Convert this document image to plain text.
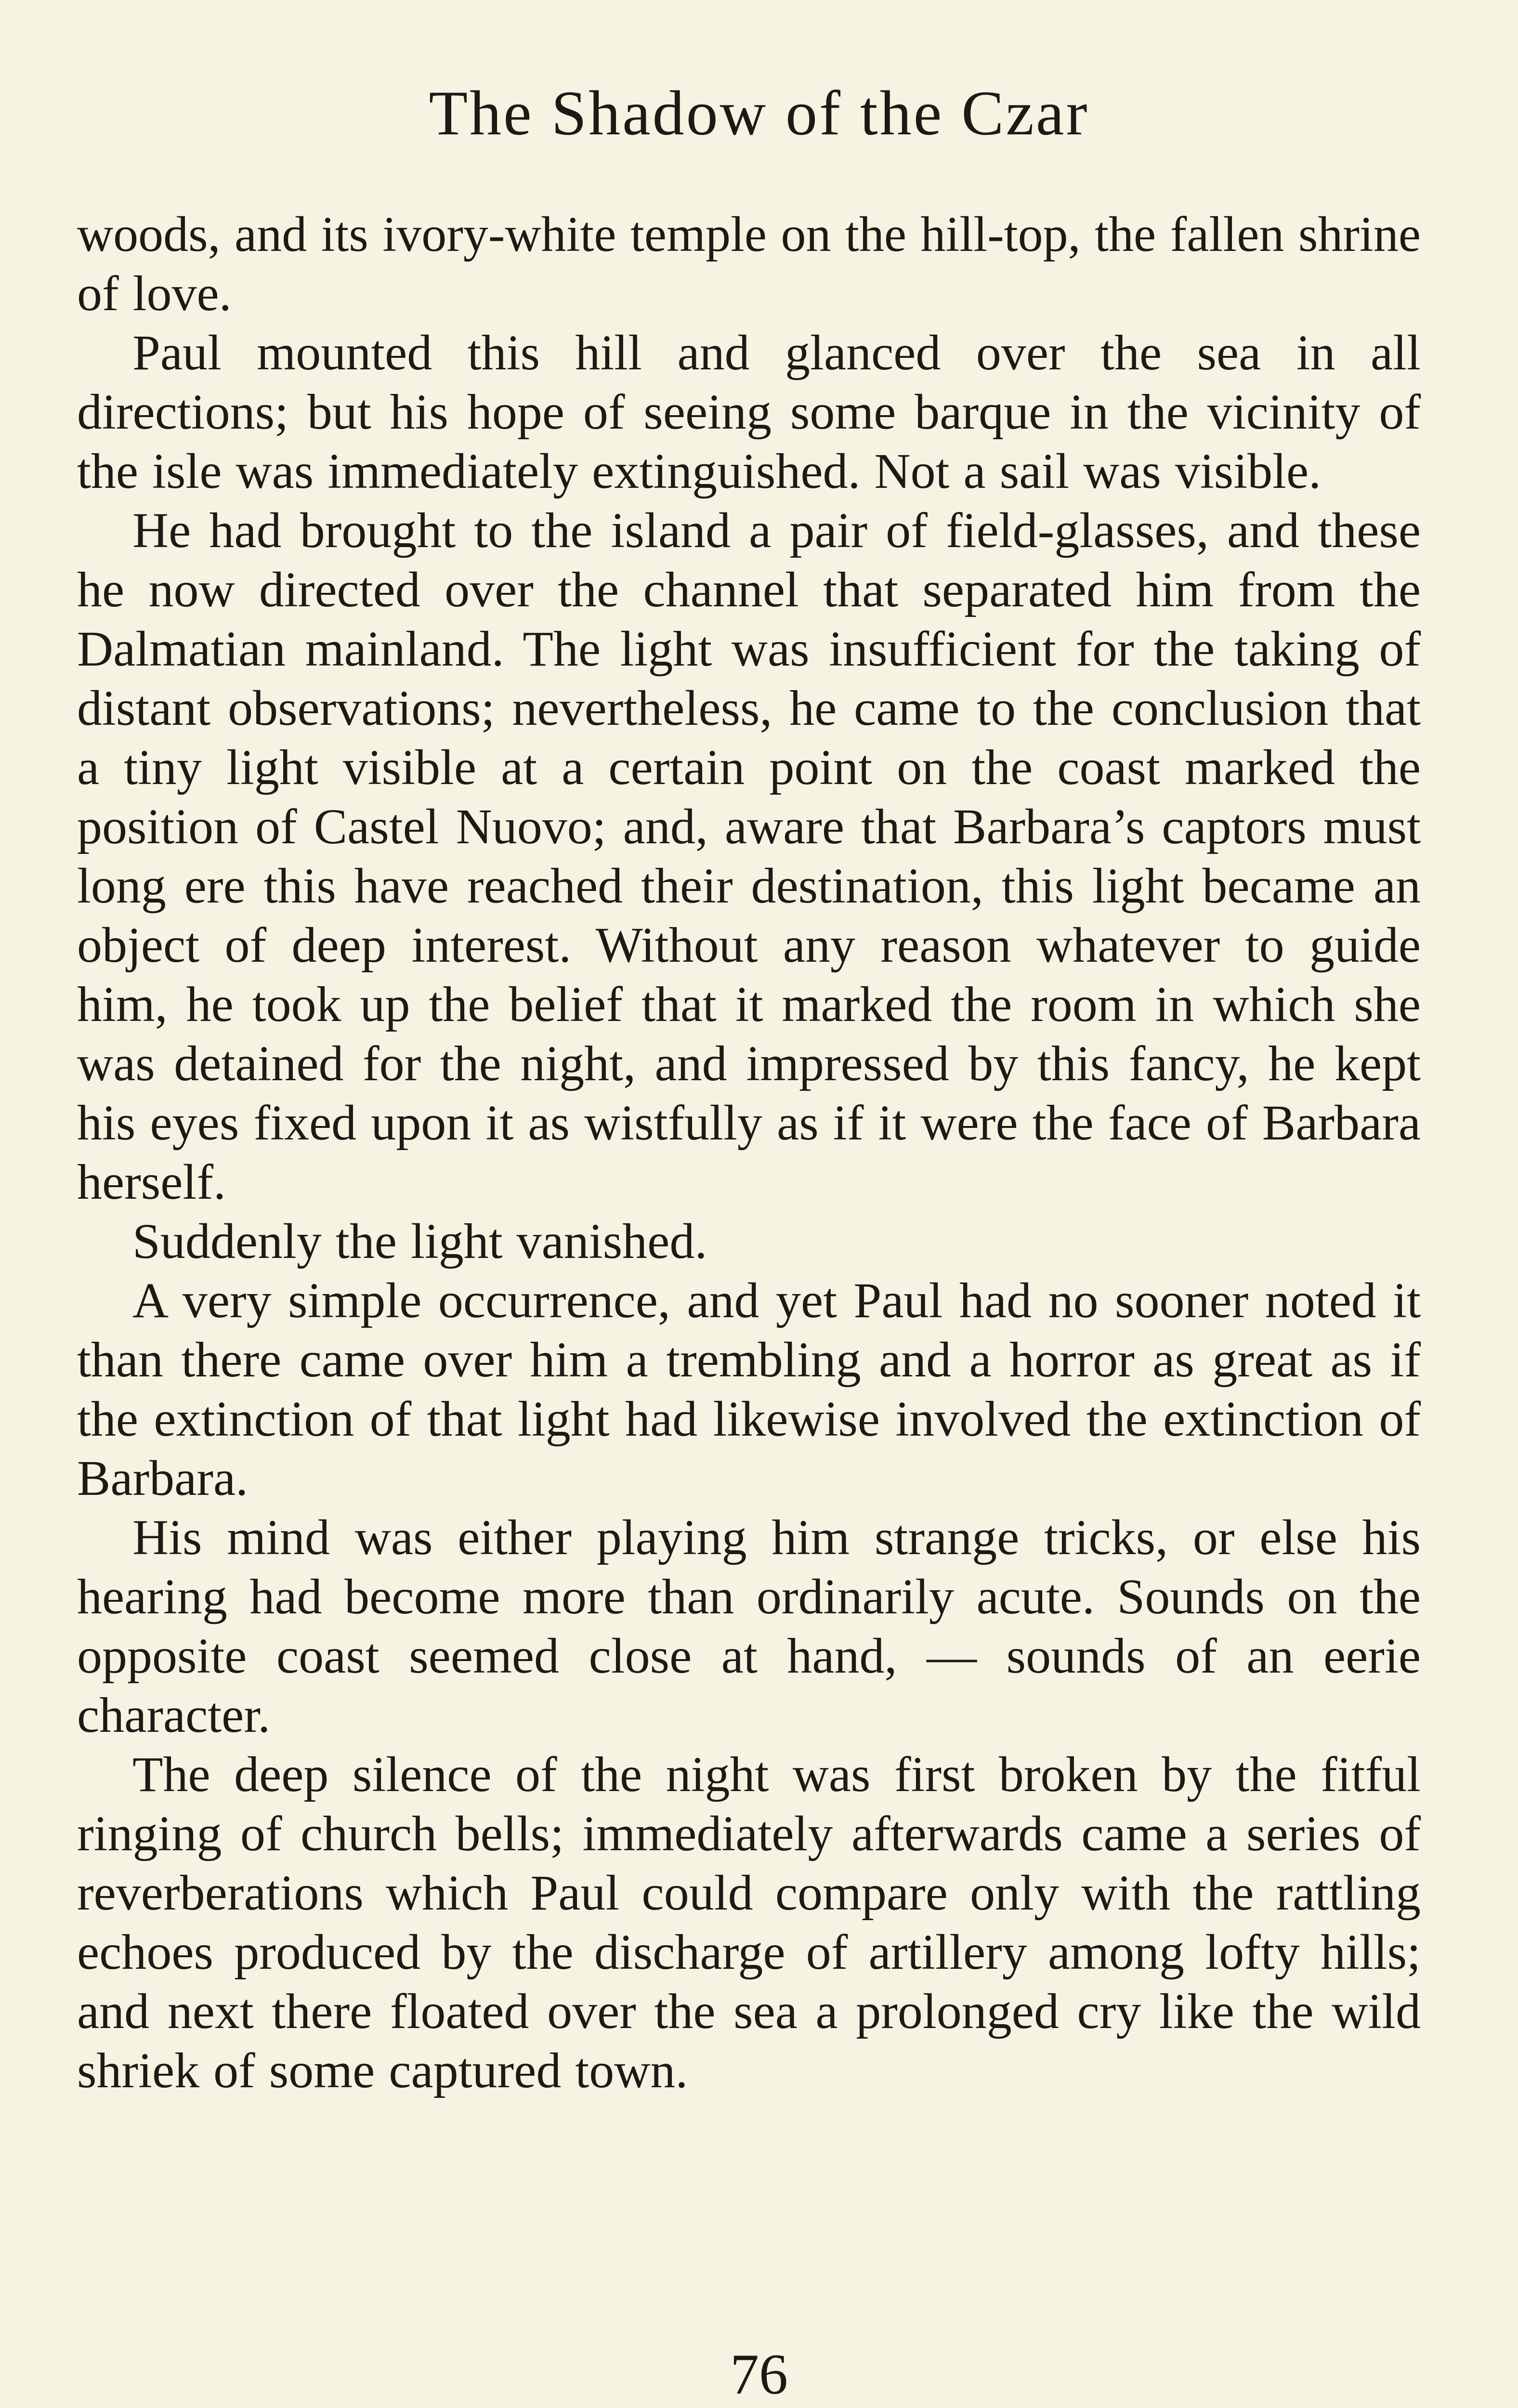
The Shadow of the Czar

woods, and its ivory-white temple on the hill-top, the fallen shrine of love.

Paul mounted this hill and glanced over the sea in all directions; but his hope of seeing some barque in the vicinity of the isle was immediately extinguished. Not a sail was visible.

He had brought to the island a pair of field-glasses, and these he now directed over the channel that separated him from the Dalmatian mainland. The light was insufficient for the taking of distant observations; nevertheless, he came to the conclusion that a tiny light visible at a certain point on the coast marked the position of Castel Nuovo; and, aware that Barbara’s captors must long ere this have reached their destination, this light became an object of deep interest. Without any reason whatever to guide him, he took up the belief that it marked the room in which she was detained for the night, and impressed by this fancy, he kept his eyes fixed upon it as wistfully as if it were the face of Barbara herself.

Suddenly the light vanished.

A very simple occurrence, and yet Paul had no sooner noted it than there came over him a trembling and a horror as great as if the extinction of that light had likewise involved the extinction of Barbara.

His mind was either playing him strange tricks, or else his hearing had become more than ordinarily acute. Sounds on the opposite coast seemed close at hand, — sounds of an eerie character.

The deep silence of the night was first broken by the fitful ringing of church bells; immediately afterwards came a series of reverberations which Paul could compare only with the rattling echoes produced by the discharge of artillery among lofty hills; and next there floated over the sea a prolonged cry like the wild shriek of some captured town.

76
